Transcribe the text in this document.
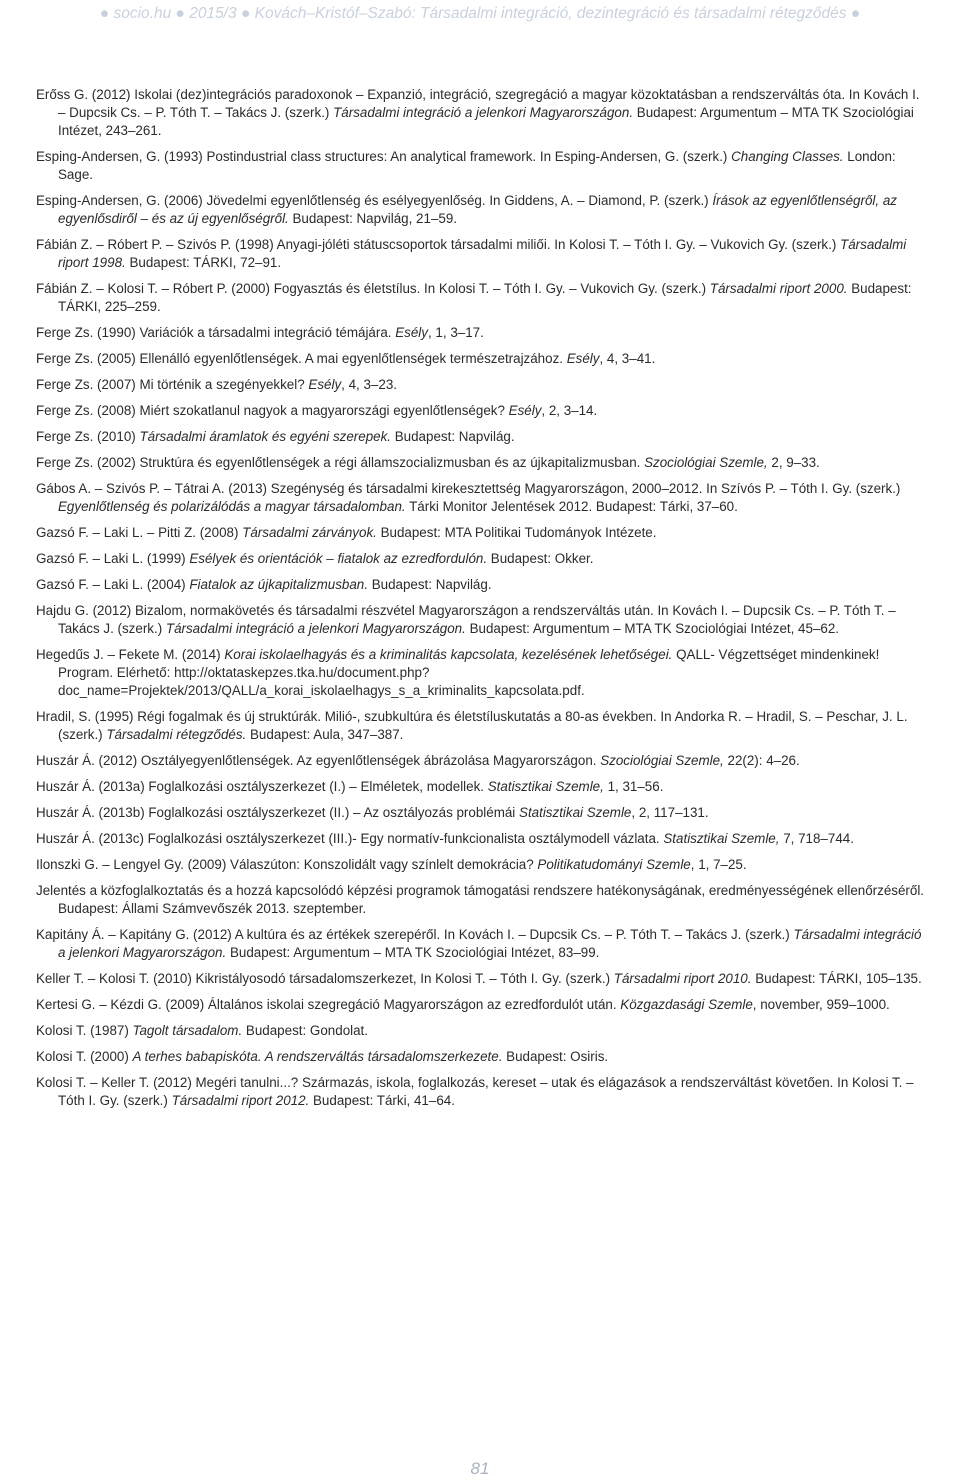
● socio.hu ● 2015/3 ● Kovách–Kristóf–Szabó: Társadalmi integráció, dezintegráció és társadalmi rétegződés ●

Erőss G. (2012) Iskolai (dez)integrációs paradoxonok – Expanzió, integráció, szegregáció a magyar közoktatásban a rendszerváltás óta. In Kovách I. – Dupcsik Cs. – P. Tóth T. – Takács J. (szerk.) Társadalmi integráció a jelenkori Magyarországon. Budapest: Argumentum – MTA TK Szociológiai Intézet, 243–261.

Esping-Andersen, G. (1993) Postindustrial class structures: An analytical framework. In Esping-Andersen, G. (szerk.) Changing Classes. London: Sage.

Esping-Andersen, G. (2006) Jövedelmi egyenlőtlenség és esélyegyenlőség. In Giddens, A. – Diamond, P. (szerk.) Írások az egyenlőtlenségről, az egyenlősdiről – és az új egyenlőségről. Budapest: Napvilág, 21–59.

Fábián Z. – Róbert P. – Szivós P. (1998) Anyagi-jóléti státuscsoportok társadalmi miliői. In Kolosi T. – Tóth I. Gy. – Vukovich Gy. (szerk.) Társadalmi riport 1998. Budapest: TÁRKI, 72–91.

Fábián Z. – Kolosi T. – Róbert P. (2000) Fogyasztás és életstílus. In Kolosi T. – Tóth I. Gy. – Vukovich Gy. (szerk.) Társadalmi riport 2000. Budapest: TÁRKI, 225–259.

Ferge Zs. (1990) Variációk a társadalmi integráció témájára. Esély, 1, 3–17.

Ferge Zs. (2005) Ellenálló egyenlőtlenségek. A mai egyenlőtlenségek természetrajzához. Esély, 4, 3–41.

Ferge Zs. (2007) Mi történik a szegényekkel? Esély, 4, 3–23.

Ferge Zs. (2008) Miért szokatlanul nagyok a magyarországi egyenlőtlenségek? Esély, 2, 3–14.

Ferge Zs. (2010) Társadalmi áramlatok és egyéni szerepek. Budapest: Napvilág.

Ferge Zs. (2002) Struktúra és egyenlőtlenségek a régi államszocializmusban és az újkapitalizmusban. Szociológiai Szemle, 2, 9–33.

Gábos A. – Szivós P. – Tátrai A. (2013) Szegénység és társadalmi kirekesztettség Magyarországon, 2000–2012. In Szívós P. – Tóth I. Gy. (szerk.) Egyenlőtlenség és polarizálódás a magyar társadalomban. Tárki Monitor Jelentések 2012. Budapest: Tárki, 37–60.

Gazsó F. – Laki L. – Pitti Z. (2008) Társadalmi zárványok. Budapest: MTA Politikai Tudományok Intézete.

Gazsó F. – Laki L. (1999) Esélyek és orientációk – fiatalok az ezredfordulón. Budapest: Okker.

Gazsó F. – Laki L. (2004) Fiatalok az újkapitalizmusban. Budapest: Napvilág.

Hajdu G. (2012) Bizalom, normakövetés és társadalmi részvétel Magyarországon a rendszerváltás után. In Kovách I. – Dupcsik Cs. – P. Tóth T. – Takács J. (szerk.) Társadalmi integráció a jelenkori Magyarországon. Budapest: Argumentum – MTA TK Szociológiai Intézet, 45–62.

Hegedűs J. – Fekete M. (2014) Korai iskolaelhagyás és a kriminalitás kapcsolata, kezelésének lehetőségei. QALL- Végzettséget mindenkinek! Program. Elérhető: http://oktataskepzes.tka.hu/document.php?doc_name=Projektek/2013/QALL/a_korai_iskolaelhagys_s_a_kriminalits_kapcsolata.pdf.

Hradil, S. (1995) Régi fogalmak és új struktúrák. Milió-, szubkultúra és életstíluskutatás a 80-as években. In Andorka R. – Hradil, S. – Peschar, J. L. (szerk.) Társadalmi rétegződés. Budapest: Aula, 347–387.

Huszár Á. (2012) Osztályegyenlőtlenségek. Az egyenlőtlenségek ábrázolása Magyarországon. Szociológiai Szemle, 22(2): 4–26.

Huszár Á. (2013a) Foglalkozási osztályszerkezet (I.) – Elméletek, modellek. Statisztikai Szemle, 1, 31–56.

Huszár Á. (2013b) Foglalkozási osztályszerkezet (II.) – Az osztályozás problémái Statisztikai Szemle, 2, 117–131.

Huszár Á. (2013c) Foglalkozási osztályszerkezet (III.)- Egy normatív-funkcionalista osztálymodell vázlata. Statisztikai Szemle, 7, 718–744.

Ilonszki G. – Lengyel Gy. (2009) Válaszúton: Konszolidált vagy színlelt demokrácia? Politikatudományi Szemle, 1, 7–25.

Jelentés a közfoglalkoztatás és a hozzá kapcsolódó képzési programok támogatási rendszere hatékonyságának, eredményességének ellenőrzéséről. Budapest: Állami Számvevőszék 2013. szeptember.

Kapitány Á. – Kapitány G. (2012) A kultúra és az értékek szerepéről. In Kovách I. – Dupcsik Cs. – P. Tóth T. – Takács J. (szerk.) Társadalmi integráció a jelenkori Magyarországon. Budapest: Argumentum – MTA TK Szociológiai Intézet, 83–99.

Keller T. – Kolosi T. (2010) Kikristályosodó társadalomszerkezet, In Kolosi T. – Tóth I. Gy. (szerk.) Társadalmi riport 2010. Budapest: TÁRKI, 105–135.

Kertesi G. – Kézdi G. (2009) Általános iskolai szegregáció Magyarországon az ezredfordulót után. Közgazdasági Szemle, november, 959–1000.

Kolosi T. (1987) Tagolt társadalom. Budapest: Gondolat.

Kolosi T. (2000) A terhes babapiskóta. A rendszerváltás társadalomszerkezete. Budapest: Osiris.

Kolosi T. – Keller T. (2012) Megéri tanulni...? Származás, iskola, foglalkozás, kereset – utak és elágazások a rendszerváltást követően. In Kolosi T. – Tóth I. Gy. (szerk.) Társadalmi riport 2012. Budapest: Tárki, 41–64.

81
